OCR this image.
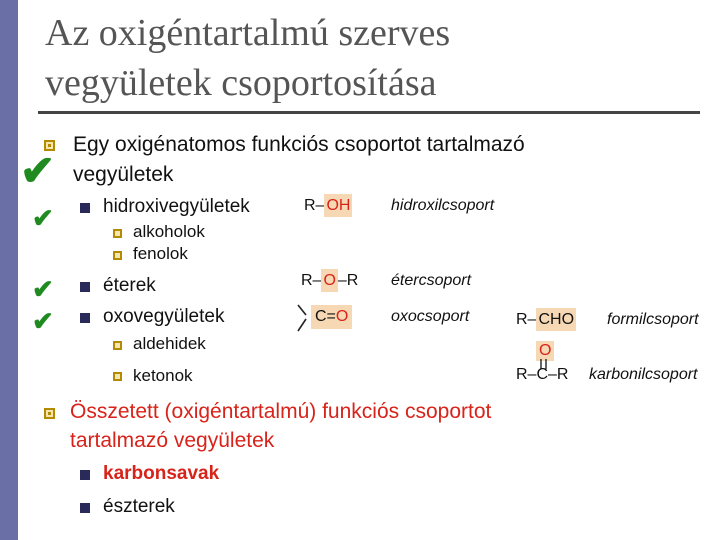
Az oxigéntartalmú szerves
vegyületek csoportosítása
✔
Egy oxigénatomos funkciós csoportot tartalmazó
vegyületek
✔	hidroxivegyületek
alkoholok
fenolok
✔	éterek
✔	oxovegyületek
aldehidek
ketonok
R– OH	hidroxilcsoport
R– O –R étercsoport
C=O	oxocsoport	R– CHO formilcsoport
O
R–C–R karbonilcsoport
Összetett (oxigéntartalmú) funkciós csoportot
tartalmazó vegyületek
karbonsavak
észterek
